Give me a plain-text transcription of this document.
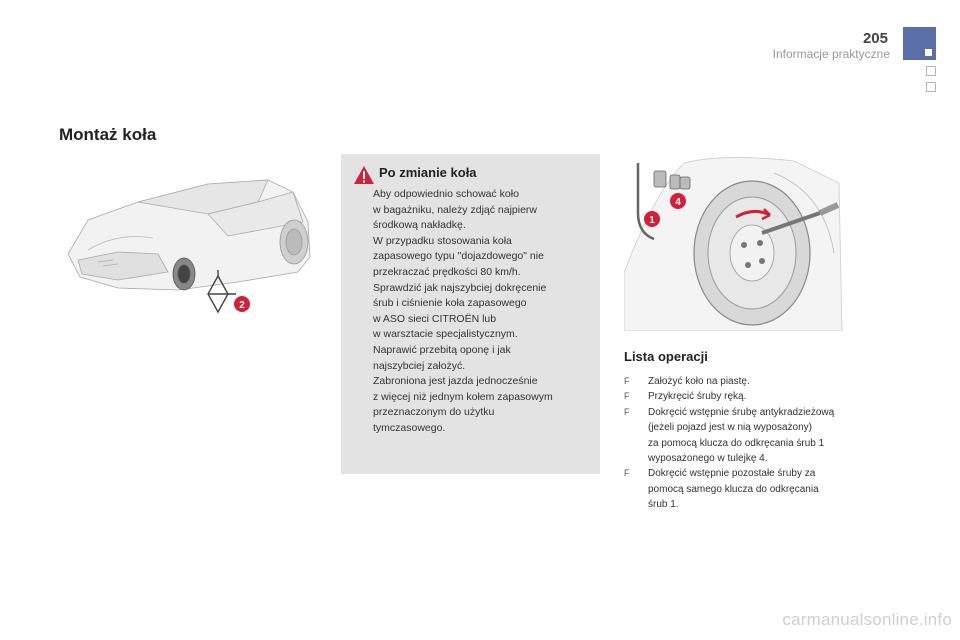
205
Informacje praktyczne
Montaż koła
2
Po zmianie koła

Aby odpowiednio schować koło
w bagażniku, należy zdjąć najpierw
środkową nakładkę.
W przypadku stosowania koła
zapasowego typu "dojazdowego" nie
przekraczać prędkości 80 km/h.
Sprawdzić jak najszybciej dokręcenie
śrub i ciśnienie koła zapasowego
w ASO sieci CITROËN lub
w warsztacie specjalistycznym.
Naprawić przebitą oponę i jak
najszybciej założyć.
Zabroniona jest jazda jednocześnie
z więcej niż jednym kołem zapasowym
przeznaczonym do użytku
tymczasowego.

1
4
Lista operacji
F Założyć koło na piastę.
F Przykręcić śruby ręką.
F Dokręcić wstępnie śrubę antykradzieżową
(jeżeli pojazd jest w nią wyposażony)
za pomocą klucza do odkręcania śrub 1
wyposażonego w tulejkę 4.
F Dokręcić wstępnie pozostałe śruby za
pomocą samego klucza do odkręcania
śrub 1.
carmanualsonline.info
